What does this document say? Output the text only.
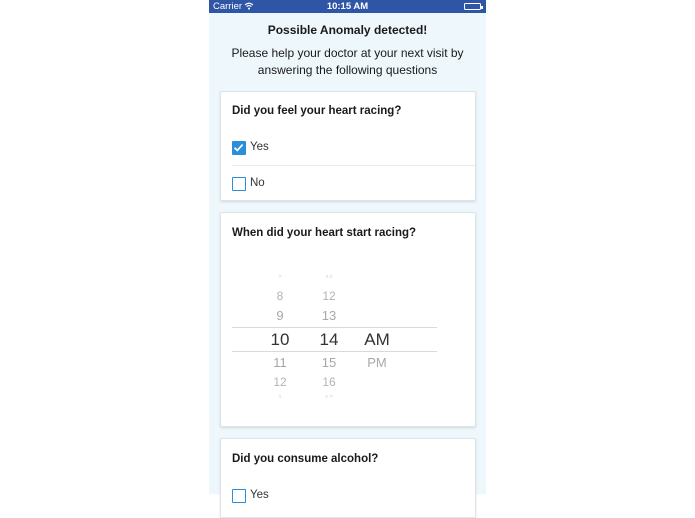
Carrier	10:15 AM
Possible Anomaly detected!
Please help your doctor at your next visit by answering the following questions
Did you feel your heart racing?
Yes
No
When did your heart start racing?
7
8
9
10
11
12
1
11
12
13
14
15
16
17
AM
PM
Did you consume alcohol?
Yes
